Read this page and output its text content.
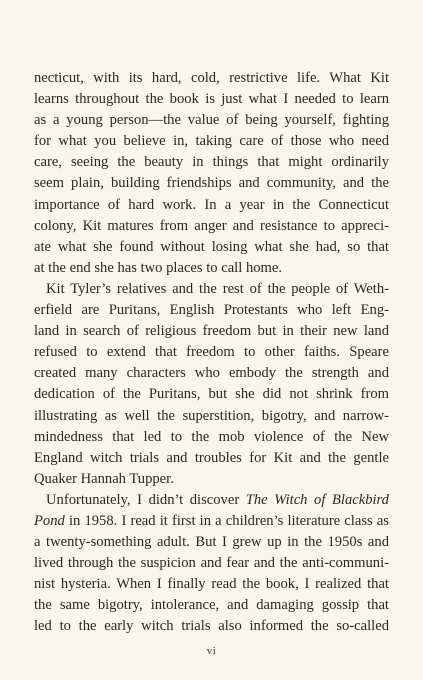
necticut, with its hard, cold, restrictive life. What Kit
learns throughout the book is just what I needed to learn
as a young person—the value of being yourself, fighting
for what you believe in, taking care of those who need
care, seeing the beauty in things that might ordinarily
seem plain, building friendships and community, and the
importance of hard work. In a year in the Connecticut
colony, Kit matures from anger and resistance to appreci-
ate what she found without losing what she had, so that
at the end she has two places to call home.

Kit Tyler’s relatives and the rest of the people of Weth-
erfield are Puritans, English Protestants who left Eng-
land in search of religious freedom but in their new land
refused to extend that freedom to other faiths. Speare
created many characters who embody the strength and
dedication of the Puritans, but she did not shrink from
illustrating as well the superstition, bigotry, and narrow-
mindedness that led to the mob violence of the New
England witch trials and troubles for Kit and the gentle
Quaker Hannah Tupper.

Unfortunately, I didn’t discover The Witch of Blackbird
Pond in 1958. I read it first in a children’s literature class as
a twenty-something adult. But I grew up in the 1950s and
lived through the suspicion and fear and the anti-communi-
nist hysteria. When I finally read the book, I realized that
the same bigotry, intolerance, and damaging gossip that
led to the early witch trials also informed the so-called

vi
